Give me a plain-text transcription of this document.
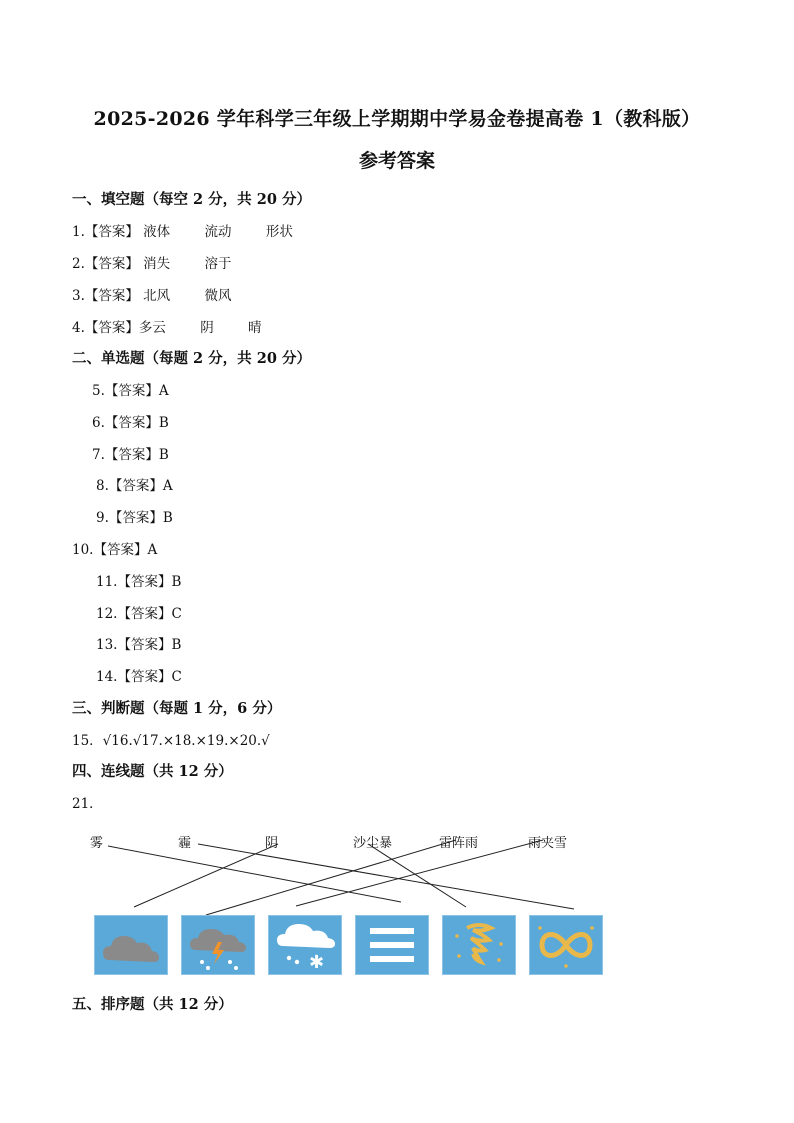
2025-2026 学年科学三年级上学期期中学易金卷提高卷 1（教科版）
参考答案
一、填空题（每空 2 分，共 20 分）
1.【答案】 液体        流动        形状
2.【答案】 消失        溶于
3.【答案】 北风        微风
4.【答案】多云        阴        晴
二、单选题（每题 2 分，共 20 分）
5.【答案】A
6.【答案】B
7.【答案】B
8.【答案】A
9.【答案】B
10.【答案】A
11.【答案】B
12.【答案】C
13.【答案】B
14.【答案】C
三、判断题（每题 1 分，6 分）
15．√16.√17.×18.×19.×20.√
四、连线题（共 12 分）
21．
雾	霾	阴	沙尘暴	雷阵雨	雨夹雪
✱
五、排序题（共 12 分）
